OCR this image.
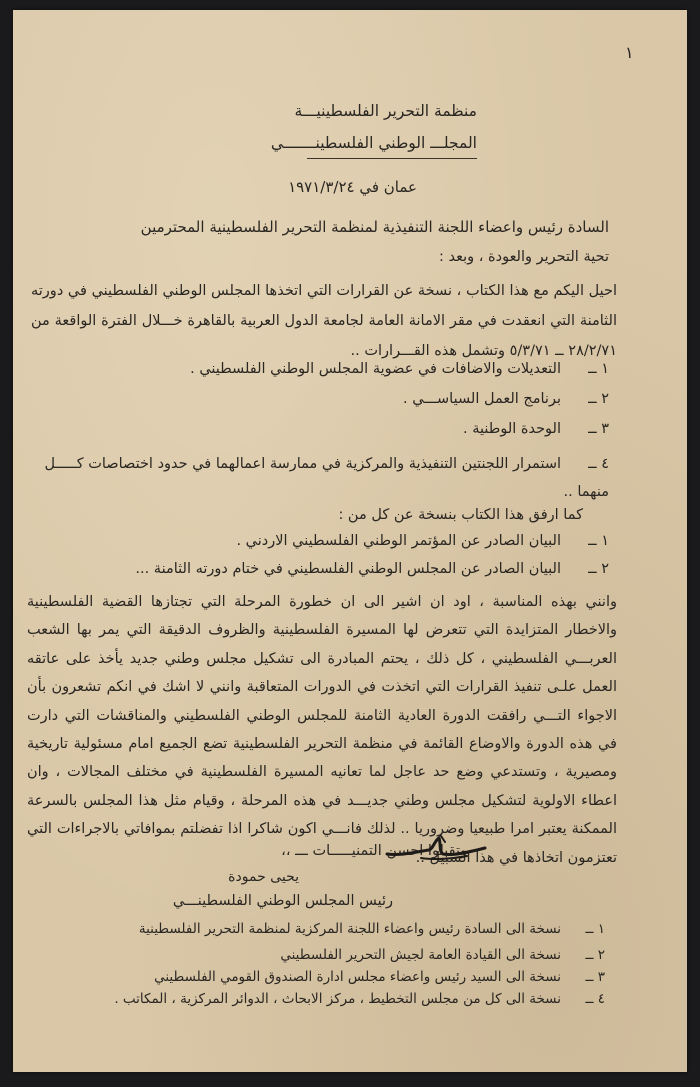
١
منظمة التحرير الفلسطينيـــة
المجلـــ الوطني الفلسطينـــــــي
عمان في ١٩٧١/٣/٢٤
السادة رئيس واعضاء اللجنة التنفيذية لمنظمة التحرير الفلسطينية المحترمين
تحية التحرير والعودة ، وبعد :
احيل اليكم مع هذا الكتاب ، نسخة عن القرارات التي اتخذها المجلس الوطني الفلسطيني في دورته الثامنة التي انعقدت في مقر الامانة العامة لجامعة الدول العربية بالقاهرة خـــلال الفترة الواقعة من ٢٨/٢/٧١ ــ ٥/٣/٧١ وتشمل هذه القـــرارات ..
١ ــالتعديلات والاضافات في عضوية المجلس الوطني الفلسطيني .
٢ ــبرنامج العمل السياســـي .
٣ ــالوحدة الوطنية .
٤ ــاستمرار اللجنتين التنفيذية والمركزية في ممارسة اعمالهما في حدود اختصاصات كـــــل منهما ..
كما ارفق هذا الكتاب بنسخة عن كل من :
١ ــالبيان الصادر عن المؤتمر الوطني الفلسطيني الاردني .
٢ ــالبيان الصادر عن المجلس الوطني الفلسطيني في ختام دورته الثامنة ...
وانني بهذه المناسبة ، اود ان اشير الى ان خطورة المرحلة التي تجتازها القضية الفلسطينية والاخطار المتزايدة التي تتعرض لها المسيرة الفلسطينية والظروف الدقيقة التي يمر بها الشعب العربـــي الفلسطيني ، كل ذلك ، يحتم المبادرة الى تشكيل مجلس وطني جديد يأخذ على عاتقه العمل علـى تنفيذ القرارات التي اتخذت في الدورات المتعاقبة وانني لا اشك في انكم تشعرون بأن الاجواء التـــي رافقت الدورة العادية الثامنة للمجلس الوطني الفلسطيني والمناقشات التي دارت في هذه الدورة والاوضاع القائمة في منظمة التحرير الفلسطينية تضع الجميع امام مسئولية تاريخية ومصيرية ، وتستدعي وضع حد عاجل لما تعانيه المسيرة الفلسطينية في مختلف المجالات ، وان اعطاء الاولوية لتشكيل مجلس وطني جديـــد في هذه المرحلة ، وقيام مثل هذا المجلس بالسرعة الممكنة يعتبر امرا طبيعيا وضروريا .. لذلك فانـــي اكون شاكرا اذا تفضلتم بموافاتي بالاجراءات التي تعتزمون اتخاذها في هذا السبيل ..
وتقبلوا احسن التمنيـــــات ـــ ،،
يحيى حمودة
رئيس المجلس الوطني الفلسطينـــي
١ ــنسخة الى السادة رئيس واعضاء اللجنة المركزية لمنظمة التحرير الفلسطينية
٢ ــنسخة الى القيادة العامة لجيش التحرير الفلسطيني
٣ ــنسخة الى السيد رئيس واعضاء مجلس ادارة الصندوق القومي الفلسطيني
٤ ــنسخة الى كل من مجلس التخطيط ، مركز الابحاث ، الدوائر المركزية ، المكاتب .
